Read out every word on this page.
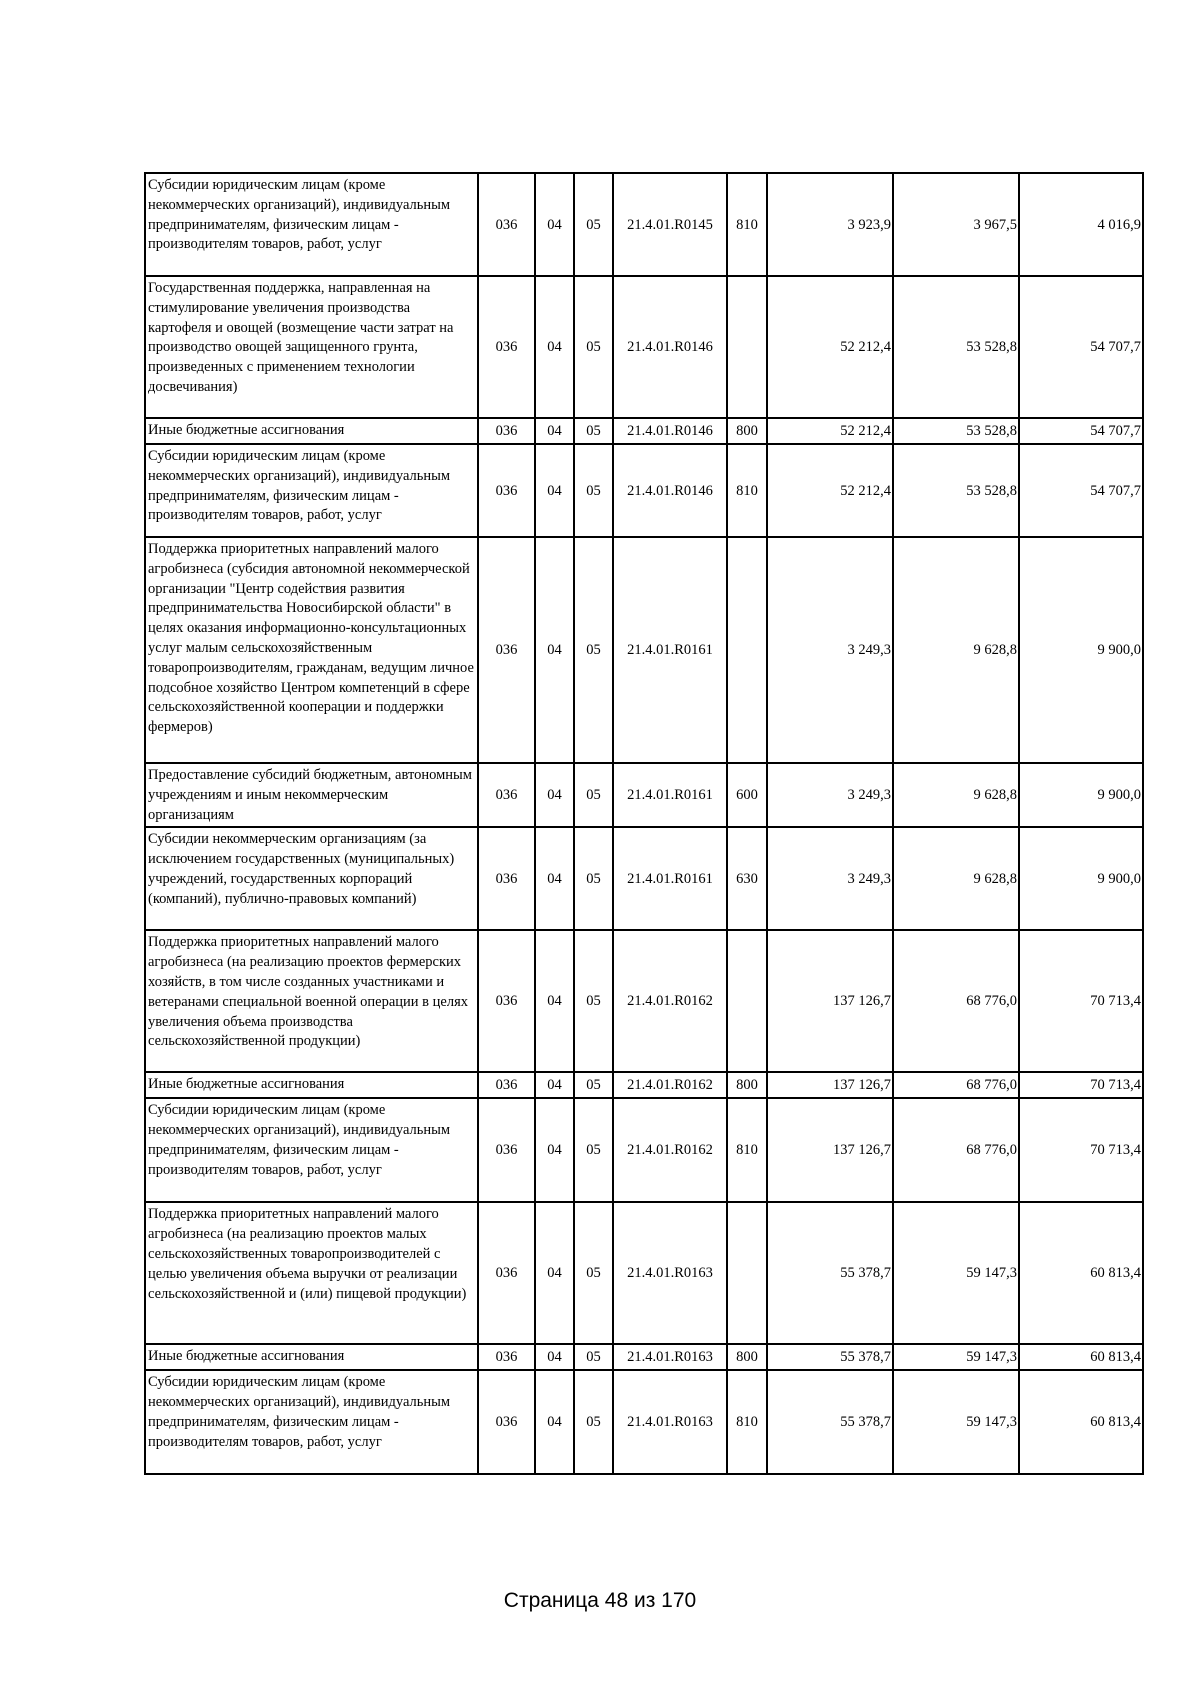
Субсидии юридическим лицам (кроме некоммерческих организаций), индивидуальным предпринимателям, физическим лицам - производителям товаров, работ, услуг	036	04	05	21.4.01.R0145	810	3 923,9	3 967,5	4 016,9
Государственная поддержка, направленная на стимулирование увеличения производства картофеля и овощей (возмещение части затрат на производство овощей защищенного грунта, произведенных с применением технологии досвечивания)	036	04	05	21.4.01.R0146		52 212,4	53 528,8	54 707,7
Иные бюджетные ассигнования	036	04	05	21.4.01.R0146	800	52 212,4	53 528,8	54 707,7
Субсидии юридическим лицам (кроме некоммерческих организаций), индивидуальным предпринимателям, физическим лицам - производителям товаров, работ, услуг	036	04	05	21.4.01.R0146	810	52 212,4	53 528,8	54 707,7
Поддержка приоритетных направлений малого агробизнеса (субсидия автономной некоммерческой организации "Центр содействия развития предпринимательства Новосибирской области" в целях оказания информационно-консультационных услуг малым сельскохозяйственным товаропроизводителям, гражданам, ведущим личное подсобное хозяйство Центром компетенций в сфере сельскохозяйственной кооперации и поддержки фермеров)	036	04	05	21.4.01.R0161		3 249,3	9 628,8	9 900,0
Предоставление субсидий бюджетным, автономным учреждениям и иным некоммерческим организациям	036	04	05	21.4.01.R0161	600	3 249,3	9 628,8	9 900,0
Субсидии некоммерческим организациям (за исключением государственных (муниципальных) учреждений, государственных корпораций (компаний), публично-правовых компаний)	036	04	05	21.4.01.R0161	630	3 249,3	9 628,8	9 900,0
Поддержка приоритетных направлений малого агробизнеса (на реализацию проектов фермерских хозяйств, в том числе созданных участниками и ветеранами специальной военной операции в целях увеличения объема производства сельскохозяйственной продукции)	036	04	05	21.4.01.R0162		137 126,7	68 776,0	70 713,4
Иные бюджетные ассигнования	036	04	05	21.4.01.R0162	800	137 126,7	68 776,0	70 713,4
Субсидии юридическим лицам (кроме некоммерческих организаций), индивидуальным предпринимателям, физическим лицам - производителям товаров, работ, услуг	036	04	05	21.4.01.R0162	810	137 126,7	68 776,0	70 713,4
Поддержка приоритетных направлений малого агробизнеса (на реализацию проектов малых сельскохозяйственных товаропроизводителей с целью увеличения объема выручки от реализации сельскохозяйственной и (или) пищевой продукции)	036	04	05	21.4.01.R0163		55 378,7	59 147,3	60 813,4
Иные бюджетные ассигнования	036	04	05	21.4.01.R0163	800	55 378,7	59 147,3	60 813,4
Субсидии юридическим лицам (кроме некоммерческих организаций), индивидуальным предпринимателям, физическим лицам - производителям товаров, работ, услуг	036	04	05	21.4.01.R0163	810	55 378,7	59 147,3	60 813,4
Страница 48 из 170
